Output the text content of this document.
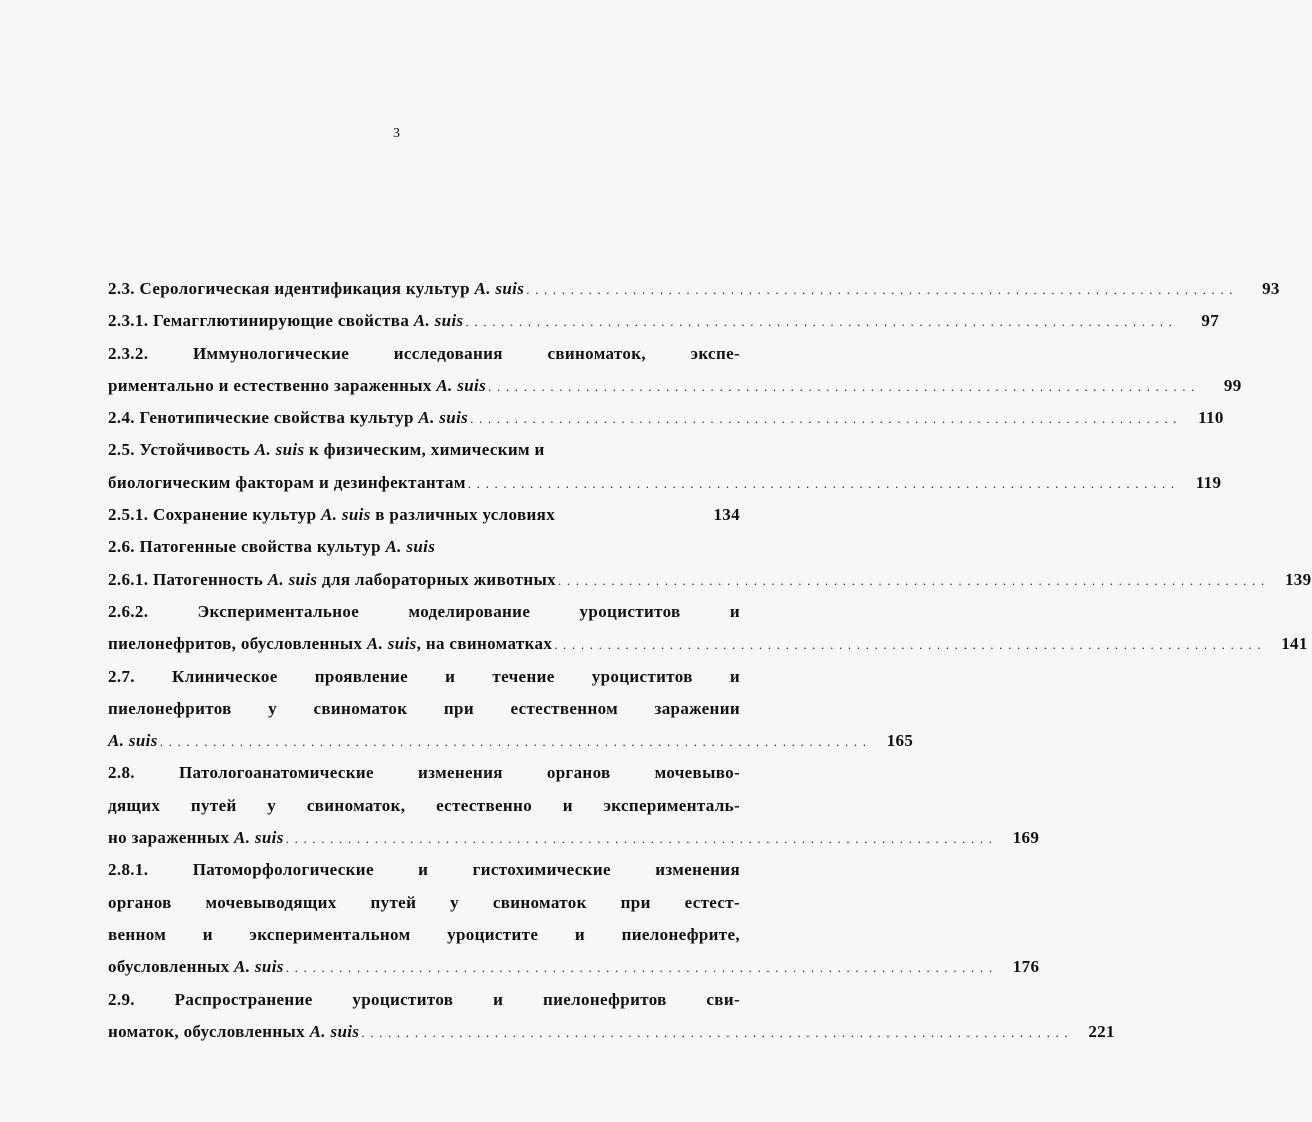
3
2.3. Серологическая идентификация культур A. suis . . . . . . . . . . . . . . . . . . . . . . . . . . . . . . . . . . . . . . . . . . . . . . . . . . . . . . . . . . . . . . . . . . . . . . . . . . . . . . . .	93
2.3.1. Гемагглютинирующие свойства A. suis . . . . . . . . . . . . . . . . . . . . . . . . . . . . . . . . . . . . . . . . . . . . . . . . . . . . . . . . . . . . . . . . . . . . . . . . . . . . . . . .	97
2.3.2. Иммунологические исследования свиноматок, экспе-
риментально и естественно зараженных A. suis . . . . . . . . . . . . . . . . . . . . . . . . . . . . . . . . . . . . . . . . . . . . . . . . . . . . . . . . . . . . . . . . . . . . . . . . . . . . . . . .	99
2.4. Генотипические свойства культур A. suis . . . . . . . . . . . . . . . . . . . . . . . . . . . . . . . . . . . . . . . . . . . . . . . . . . . . . . . . . . . . . . . . . . . . . . . . . . . . . . . .	110
2.5. Устойчивость A. suis к физическим, химическим и
биологическим факторам и дезинфектантам . . . . . . . . . . . . . . . . . . . . . . . . . . . . . . . . . . . . . . . . . . . . . . . . . . . . . . . . . . . . . . . . . . . . . . . . . . . . . . . .	119
2.5.1. Сохранение культур A. suis в различных условиях	134
2.6. Патогенные свойства культур A. suis
2.6.1. Патогенность A. suis для лабораторных животных . . . . . . . . . . . . . . . . . . . . . . . . . . . . . . . . . . . . . . . . . . . . . . . . . . . . . . . . . . . . . . . . . . . . . . . . . . . . . . . .	139
2.6.2. Экспериментальное моделирование уроциститов и
пиелонефритов, обусловленных A. suis, на свиноматках . . . . . . . . . . . . . . . . . . . . . . . . . . . . . . . . . . . . . . . . . . . . . . . . . . . . . . . . . . . . . . . . . . . . . . . . . . . . . . . .	141
2.7. Клиническое проявление и течение уроциститов и
пиелонефритов у свиноматок при естественном заражении
A. suis . . . . . . . . . . . . . . . . . . . . . . . . . . . . . . . . . . . . . . . . . . . . . . . . . . . . . . . . . . . . . . . . . . . . . . . . . . . . . . . .	165
2.8. Патологоанатомические изменения органов мочевыво-
дящих путей у свиноматок, естественно и эксперименталь-
но зараженных A. suis . . . . . . . . . . . . . . . . . . . . . . . . . . . . . . . . . . . . . . . . . . . . . . . . . . . . . . . . . . . . . . . . . . . . . . . . . . . . . . . .	169
2.8.1. Патоморфологические и гистохимические изменения
органов мочевыводящих путей у свиноматок при естест-
венном и экспериментальном уроцистите и пиелонефрите,
обусловленных A. suis . . . . . . . . . . . . . . . . . . . . . . . . . . . . . . . . . . . . . . . . . . . . . . . . . . . . . . . . . . . . . . . . . . . . . . . . . . . . . . . .	176
2.9. Распространение уроциститов и пиелонефритов сви-
номаток, обусловленных A. suis . . . . . . . . . . . . . . . . . . . . . . . . . . . . . . . . . . . . . . . . . . . . . . . . . . . . . . . . . . . . . . . . . . . . . . . . . . . . . . . .	221
